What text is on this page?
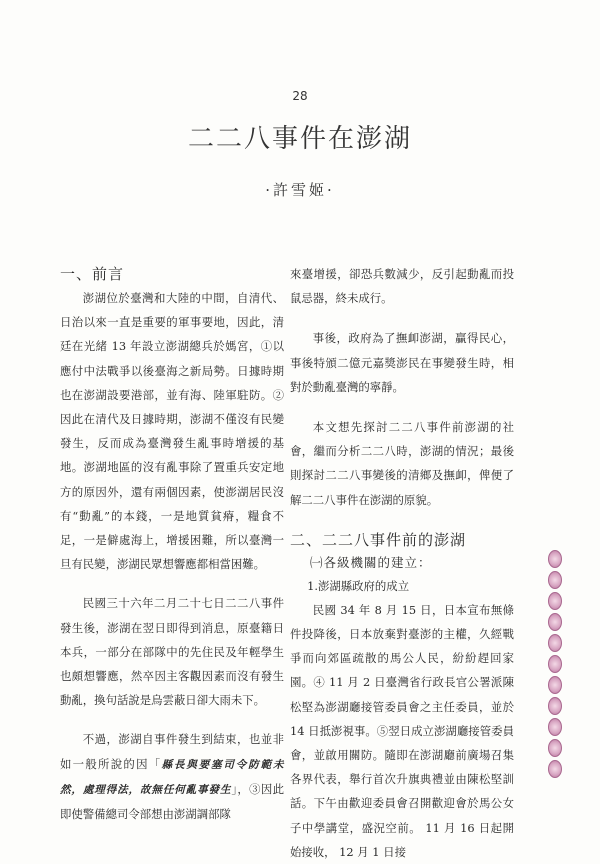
28
二二八事件在澎湖
·許雪姬·
一、前言

澎湖位於臺灣和大陸的中間，自清代、日治以來一直是重要的軍事要地，因此，清廷在光緒 13 年設立澎湖總兵於媽宮，①以應付中法戰爭以後臺海之新局勢。日據時期也在澎湖設要港部，並有海、陸軍駐防。②因此在清代及日據時期，澎湖不僅沒有民變發生，反而成為臺灣發生亂事時增援的基地。澎湖地區的沒有亂事除了置重兵安定地方的原因外，還有兩個因素，使澎湖居民沒有“動亂”的本錢，一是地質貧瘠，糧食不足，一是僻處海上，增援困難，所以臺灣一旦有民變，澎湖民眾想響應都相當困難。

民國三十六年二月二十七日二二八事件發生後，澎湖在翌日即得到消息，原臺籍日本兵，一部分在部隊中的先住民及年輕學生也頗想響應，然卒因主客觀因素而沒有發生動亂，換句話說是烏雲蔽日卻大雨未下。

不過，澎湖自事件發生到結束，也並非如一般所說的因「縣長與要塞司令防範未然，處理得法，故無任何亂事發生」，③因此即使警備總司令部想由澎湖調部隊

來臺增援，卻恐兵數減少，反引起動亂而投鼠忌器，終未成行。

事後，政府為了撫卹澎湖，贏得民心，事後特頒二億元嘉獎澎民在事變發生時，相對於動亂臺灣的寧靜。

本文想先探討二二八事件前澎湖的社會，繼而分析二二八時，澎湖的情況；最後則探討二二八事變後的清鄉及撫卹，俾便了解二二八事件在澎湖的原貌。

二、二二八事件前的澎湖
㈠各級機關的建立：
1.澎湖縣政府的成立

民國 34 年 8 月 15 日，日本宣布無條件投降後，日本放棄對臺澎的主權，久經戰爭而向郊區疏散的馬公人民，紛紛趕回家園。④ 11 月 2 日臺灣省行政長官公署派陳松堅為澎湖廳接管委員會之主任委員，並於 14 日抵澎視事。⑤翌日成立澎湖廳接管委員會，並啟用關防。隨即在澎湖廳前廣場召集各界代表，舉行首次升旗典禮並由陳松堅訓話。下午由歡迎委員會召開歡迎會於馬公女子中學講堂，盛況空前。 11 月 16 日起開始接收， 12 月 1 日接
